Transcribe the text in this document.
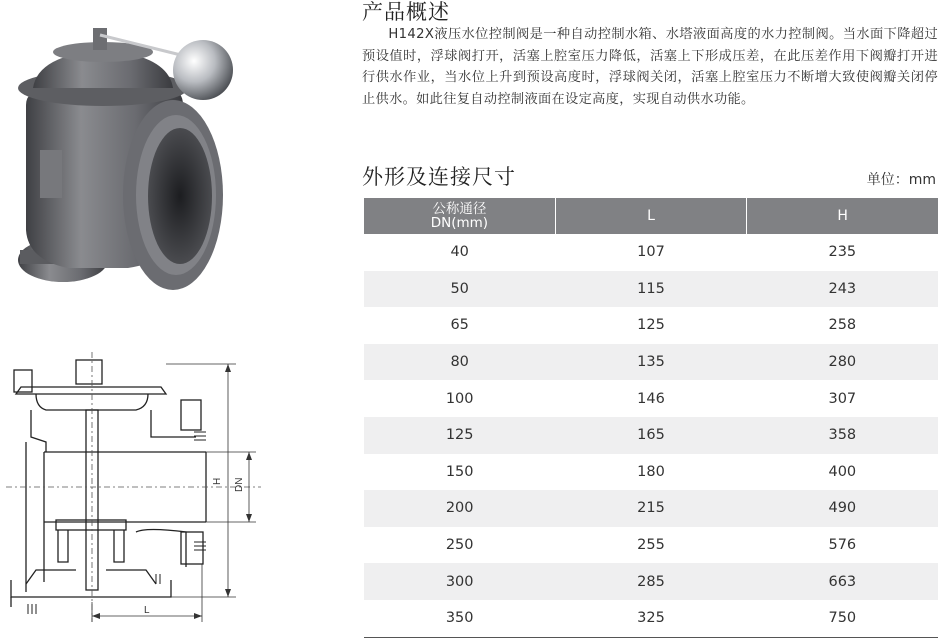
H DN
L
产品概述

H142X液压水位控制阀是一种自动控制水箱、水塔液面高度的水力控制阀。当水面下降超过预设值时，浮球阀打开，活塞上腔室压力降低，活塞上下形成压差，在此压差作用下阀瓣打开进行供水作业，当水位上升到预设高度时，浮球阀关闭，活塞上腔室压力不断增大致使阀瓣关闭停止供水。如此往复自动控制液面在设定高度，实现自动供水功能。

外形及连接尺寸	单位：mm
公称通径
DN(mm)	L	H
40	107	235
50	115	243
65	125	258
80	135	280
100	146	307
125	165	358
150	180	400
200	215	490
250	255	576
300	285	663
350	325	750
